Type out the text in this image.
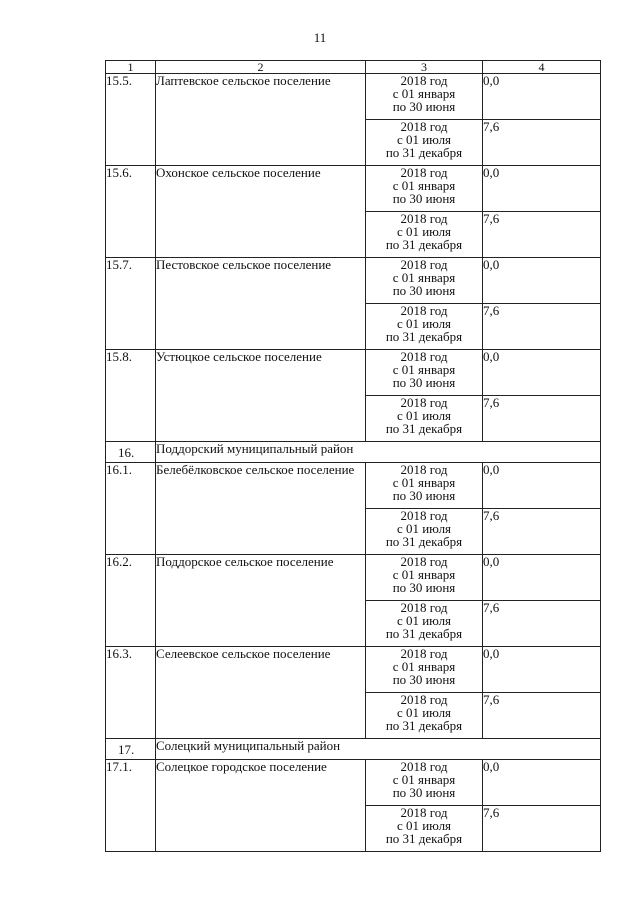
11
1	2	3	4
15.5.	Лаптевское сельское поселение	2018 год
с 01 января
по 30 июня	0,0

		2018 год
с 01 июля
по 31 декабря	7,6
15.6.	Охонское сельское поселение	2018 год
с 01 января
по 30 июня	0,0

		2018 год
с 01 июля
по 31 декабря	7,6
15.7.	Пестовское сельское поселение	2018 год
с 01 января
по 30 июня	0,0

		2018 год
с 01 июля
по 31 декабря	7,6
15.8.	Устюцкое сельское поселение	2018 год
с 01 января
по 30 июня	0,0

		2018 год
с 01 июля
по 31 декабря	7,6
16.	Поддорский муниципальный район		
16.1.	Белебёлковское сельское поселение	2018 год
с 01 января
по 30 июня	0,0

		2018 год
с 01 июля
по 31 декабря	7,6
16.2.	Поддорское сельское поселение	2018 год
с 01 января
по 30 июня	0,0

		2018 год
с 01 июля
по 31 декабря	7,6
16.3.	Селеевское сельское поселение	2018 год
с 01 января
по 30 июня	0,0

		2018 год
с 01 июля
по 31 декабря	7,6
17.	Солецкий муниципальный район		
17.1.	Солецкое городское поселение	2018 год
с 01 января
по 30 июня	0,0

		2018 год
с 01 июля
по 31 декабря	7,6
